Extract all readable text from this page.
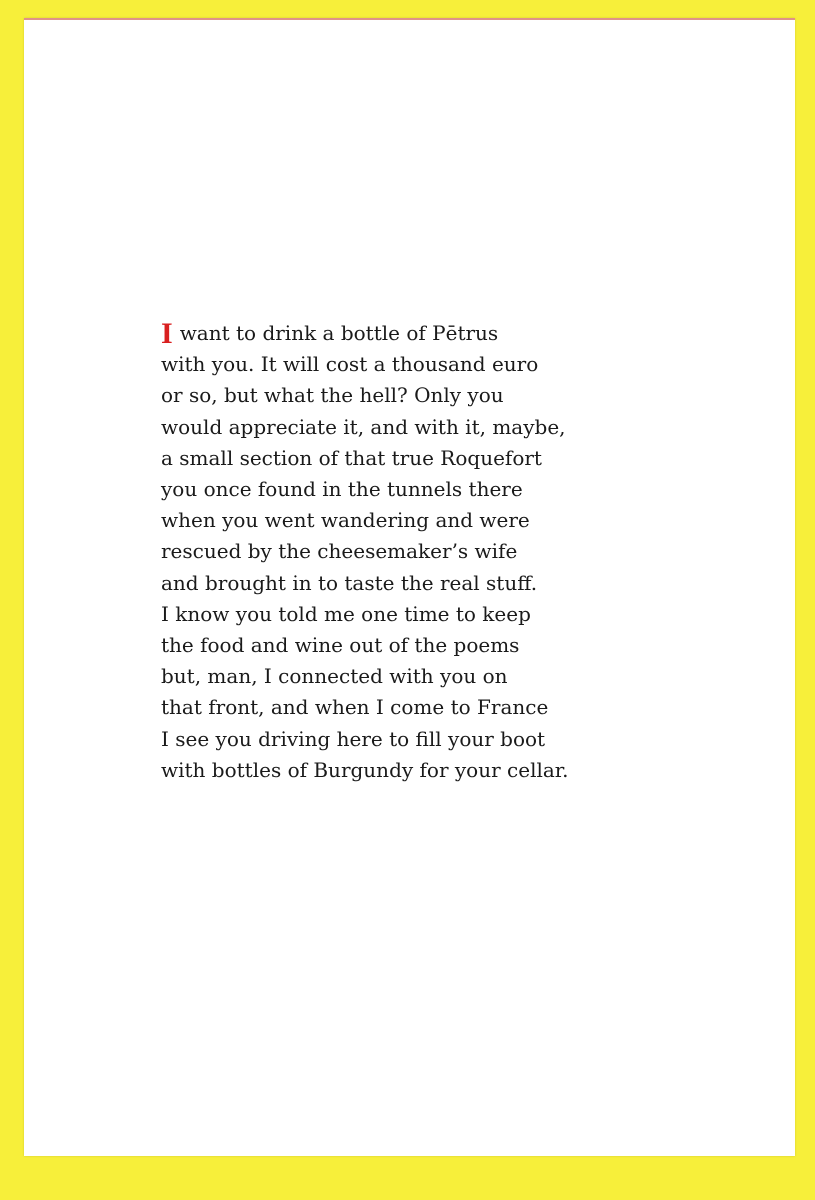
Iwant to drink a bottle of Pētrus
with you. It will cost a thousand euro
or so, but what the hell? Only you
would appreciate it, and with it, maybe,
a small section of that true Roquefort
you once found in the tunnels there
when you went wandering and were
rescued by the cheesemaker’s wife
and brought in to taste the real stuff.
I know you told me one time to keep
the food and wine out of the poems
but, man, I connected with you on
that front, and when I come to France
I see you driving here to fill your boot
with bottles of Burgundy for your cellar.
